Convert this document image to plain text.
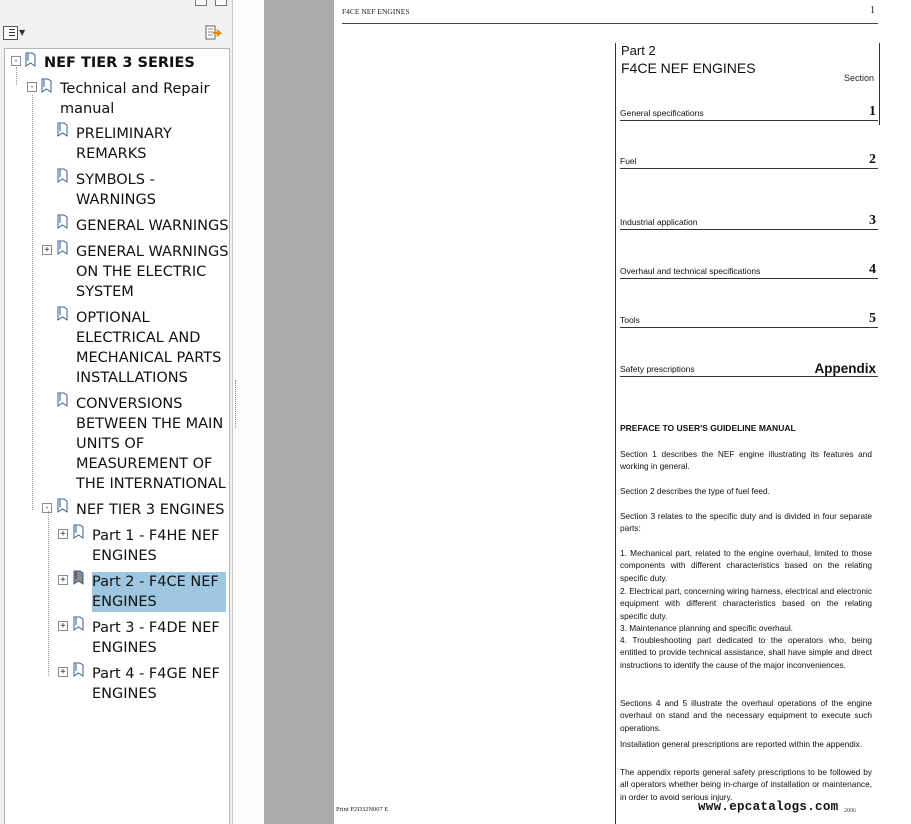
▼
- NEF TIER 3 SERIES
- Technical and Repair
manual
PRELIMINARY
REMARKS
SYMBOLS -
WARNINGS
GENERAL WARNINGS
+ GENERAL WARNINGS
ON THE ELECTRIC
SYSTEM
OPTIONAL
ELECTRICAL AND
MECHANICAL PARTS
INSTALLATIONS
CONVERSIONS
BETWEEN THE MAIN
UNITS OF
MEASUREMENT OF
THE INTERNATIONAL
- NEF TIER 3 ENGINES
+ Part 1 - F4HE NEF
ENGINES
+ Part 2 - F4CE NEF
ENGINES
+ Part 3 - F4DE NEF
ENGINES
+ Part 4 - F4GE NEF
ENGINES
F4CE NEF ENGINES	1
Part 2
F4CE NEF ENGINES
Section
General specifications	1
Fuel	2
Industrial application	3
Overhaul and technical specifications	4
Tools	5
Safety prescriptions	Appendix
PREFACE TO USER'S GUIDELINE MANUAL
Section 1 describes the NEF engine illustrating its features and working in general.
Section 2 describes the type of fuel feed.
Section 3 relates to the specific duty and is divided in four separate parts:
1. Mechanical part, related to the engine overhaul, limited to those components with different characteristics based on the relating specific duty.
2. Electrical part, concerning wiring harness, electrical and electronic equipment with different characteristics based on the relating specific duty.
3. Maintenance planning and specific overhaul.
4. Troubleshooting part dedicated to the operators who, being entitled to provide technical assistance, shall have simple and direct instructions to identify the cause of the major inconveniences.
Sections 4 and 5 illustrate the overhaul operations of the engine overhaul on stand and the necessary equipment to execute such operations.
Installation general prescriptions are reported within the appendix.
The appendix reports general safety prescriptions to be followed by all operators whether being in-charge of installation or maintenance, in order to avoid serious injury.
Print P2D32N007 E	2006
www.epcatalogs.com
